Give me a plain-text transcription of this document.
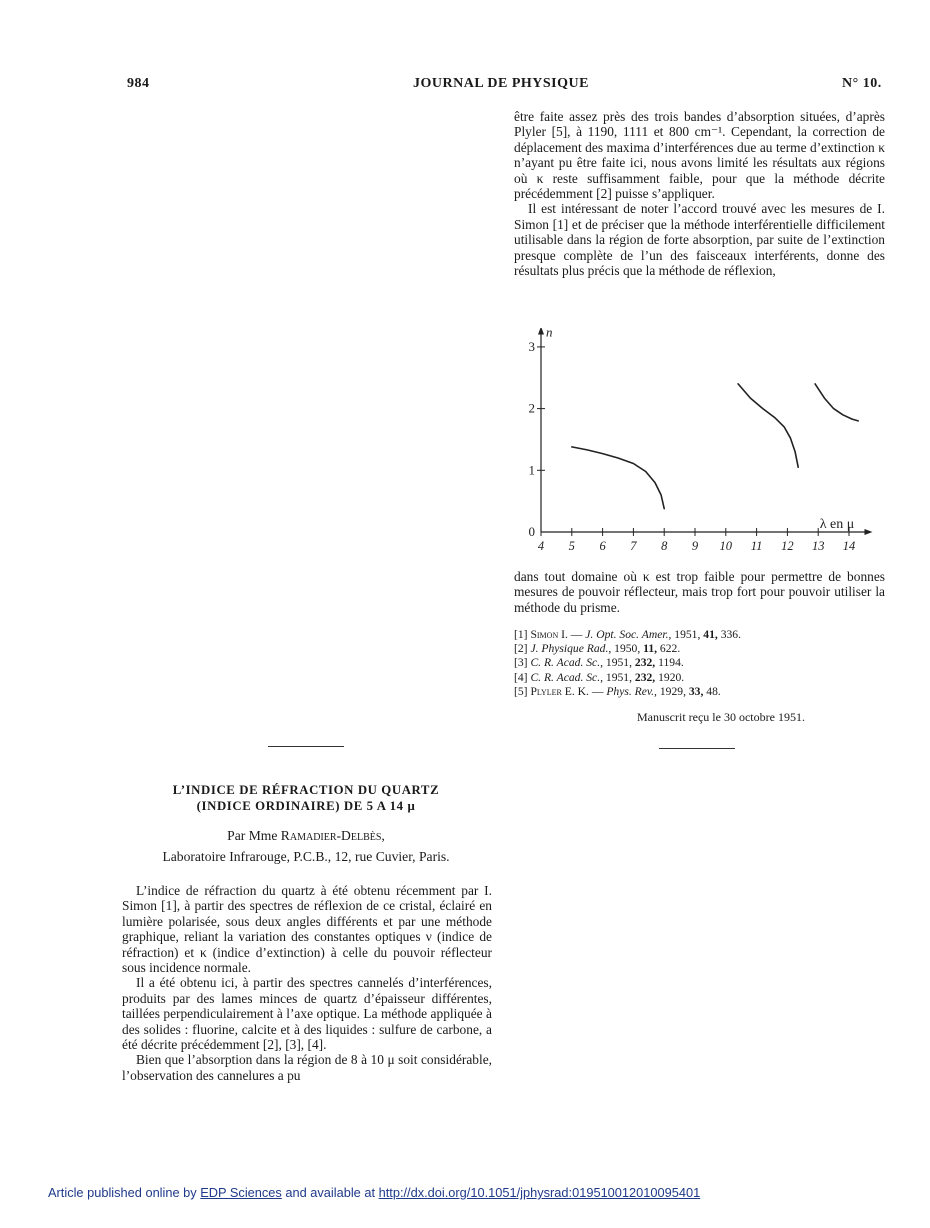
984	JOURNAL DE PHYSIQUE	N° 10.

être faite assez près des trois bandes d’absorption situées, d’après Plyler [5], à 1190, 1111 et 800 cm⁻¹. Cependant, la correction de déplacement des maxima d’interférences due au terme d’extinction κ n’ayant pu être faite ici, nous avons limité les résultats aux régions où κ reste suffisamment faible, pour que la méthode décrite précédemment [2] puisse s’appliquer.

Il est intéressant de noter l’accord trouvé avec les mesures de I. Simon [1] et de préciser que la méthode interférentielle difficilement utilisable dans la région de forte absorption, par suite de l’extinction presque complète de l’un des faisceaux interférents, donne des résultats plus précis que la méthode de réflexion,

4 5 6 7 8 9 10 11 12 13 14
0
1
2
3
n
λ en μ

dans tout domaine où κ est trop faible pour permettre de bonnes mesures de pouvoir réflecteur, mais trop fort pour pouvoir utiliser la méthode du prisme.

[1] Simon I. — J. Opt. Soc. Amer., 1951, 41, 336.
[2] J. Physique Rad., 1950, 11, 622.
[3] C. R. Acad. Sc., 1951, 232, 1194.
[4] C. R. Acad. Sc., 1951, 232, 1920.
[5] Plyler E. K. — Phys. Rev., 1929, 33, 48.
Manuscrit reçu le 30 octobre 1951.
L’INDICE DE RÉFRACTION DU QUARTZ
(INDICE ORDINAIRE) DE 5 A 14 μ
Par Mme Ramadier-Delbès,
Laboratoire Infrarouge, P.C.B., 12, rue Cuvier, Paris.

L’indice de réfraction du quartz à été obtenu récemment par I. Simon [1], à partir des spectres de réflexion de ce cristal, éclairé en lumière polarisée, sous deux angles différents et par une méthode graphique, reliant la variation des constantes optiques ν (indice de réfraction) et κ (indice d’extinction) à celle du pouvoir réflecteur sous incidence normale.

Il a été obtenu ici, à partir des spectres cannelés d’interférences, produits par des lames minces de quartz d’épaisseur différentes, taillées perpendiculairement à l’axe optique. La méthode appliquée à des solides : fluorine, calcite et à des liquides : sulfure de carbone, a été décrite précédemment [2], [3], [4].

Bien que l’absorption dans la région de 8 à 10 μ soit considérable, l’observation des cannelures a pu

Article published online by EDP Sciences and available at http://dx.doi.org/10.1051/jphysrad:019510012010095401
